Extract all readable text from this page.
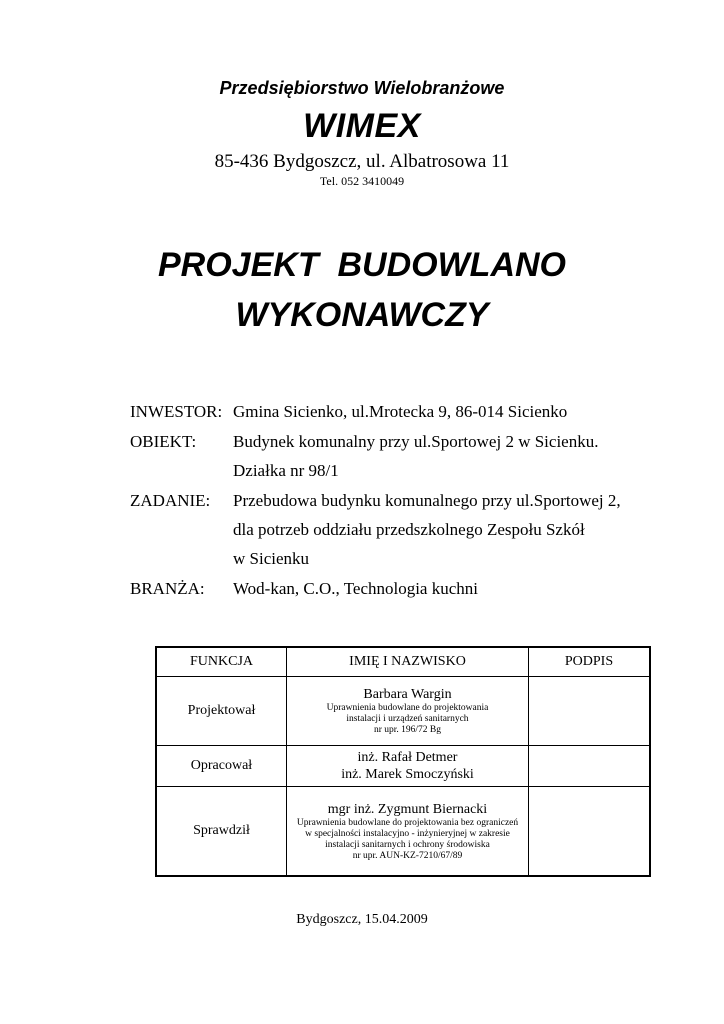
Przedsiębiorstwo Wielobranżowe
WIMEX
85-436 Bydgoszcz, ul. Albatrosowa 11
Tel. 052 3410049
PROJEKT  BUDOWLANO
WYKONAWCZY
INWESTOR: Gmina Sicienko, ul.Mrotecka 9, 86-014 Sicienko
OBIEKT: Budynek komunalny przy ul.Sportowej 2 w Sicienku.
Działka nr 98/1
ZADANIE: Przebudowa budynku komunalnego przy ul.Sportowej 2,
dla potrzeb oddziału przedszkolnego Zespołu Szkół
w Sicienku
BRANŻA: Wod-kan, C.O., Technologia kuchni
FUNKCJA	IMIĘ I NAZWISKO	PODPIS
Projektował	Barbara Wargin
Uprawnienia budowlane do projektowania
instalacji i urządzeń sanitarnych
nr upr. 196/72 Bg	

Opracował	inż. Rafał Detmer
inż. Marek Smoczyński	

Sprawdził	mgr inż. Zygmunt Biernacki
Uprawnienia budowlane do projektowania bez ograniczeń
w specjalności instalacyjno - inżynieryjnej w zakresie
instalacji sanitarnych i ochrony środowiska
nr upr. AUN-KZ-7210/67/89	

Bydgoszcz, 15.04.2009
